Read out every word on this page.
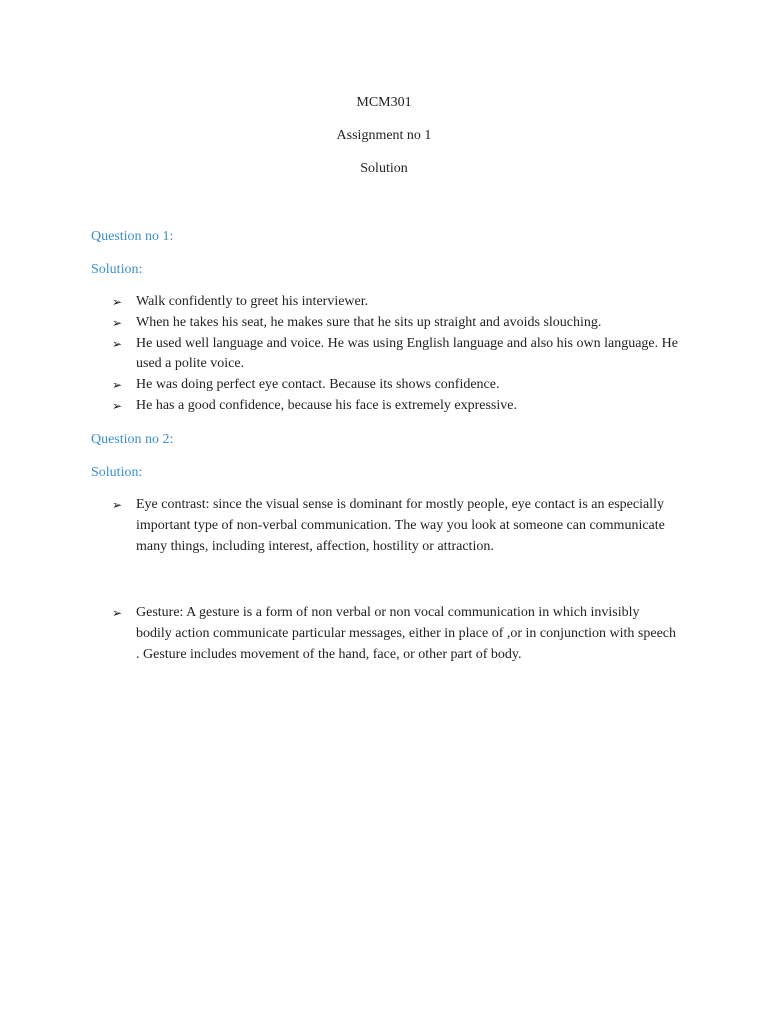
MCM301
Assignment no 1
Solution
Question no 1:
Solution:
➢ Walk confidently to greet his interviewer.
➢ When he takes his seat, he makes sure that he sits up straight and avoids slouching.
➢ He used well language and voice. He was using English language and also his own language. He used a polite voice.
➢ He was doing perfect eye contact. Because its shows confidence.
➢ He has a good confidence, because his face is extremely expressive.
Question no 2:
Solution:
➢ Eye contrast: since the visual sense is dominant for mostly people, eye contact is an especially important type of non-verbal communication. The way you look at someone can communicate many things, including interest, affection, hostility or attraction.
➢ Gesture: A gesture is a form of non verbal or non vocal communication in which invisibly bodily action communicate particular messages, either in place of ,or in conjunction with speech . Gesture includes movement of the hand, face, or other part of body.
